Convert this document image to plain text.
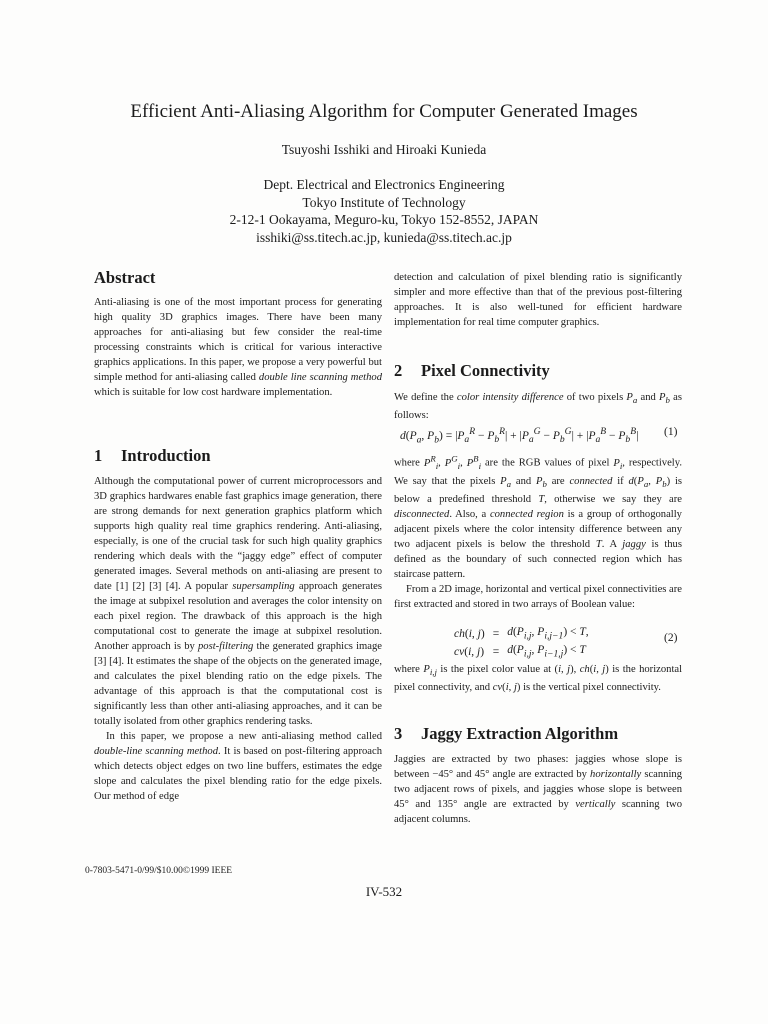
Efficient Anti-Aliasing Algorithm for Computer Generated Images
Tsuyoshi Isshiki and Hiroaki Kunieda
Dept. Electrical and Electronics Engineering
Tokyo Institute of Technology
2-12-1 Ookayama, Meguro-ku, Tokyo 152-8552, JAPAN
isshiki@ss.titech.ac.jp, kunieda@ss.titech.ac.jp
Abstract

Anti-aliasing is one of the most important process for generating high quality 3D graphics images. There have been many approaches for anti-aliasing but few consider the real-time processing constraints which is critical for various interactive graphics applications. In this paper, we propose a very powerful but simple method for anti-aliasing called double line scanning method which is suitable for low cost hardware implementation.

1 Introduction

Although the computational power of current microprocessors and 3D graphics hardwares enable fast graphics image generation, there are strong demands for next generation graphics platform which supports high quality real time graphics rendering. Anti-aliasing, especially, is one of the crucial task for such high quality graphics rendering which deals with the “jaggy edge” effect of computer generated images. Several methods on anti-aliasing are present to date [1] [2] [3] [4]. A popular supersampling approach generates the image at subpixel resolution and averages the color intensity on each pixel region. The drawback of this approach is the high computational cost to generate the image at subpixel resolution. Another approach is by post-filtering the generated graphics image [3] [4]. It estimates the shape of the objects on the generated image, and calculates the pixel blending ratio on the edge pixels. The advantage of this approach is that the computational cost is significantly less than other anti-aliasing approaches, and it can be totally isolated from other graphics rendering tasks.

In this paper, we propose a new anti-aliasing method called double-line scanning method. It is based on post-filtering approach which detects object edges on two line buffers, estimates the edge slope and calculates the pixel blending ratio for the edge pixels. Our method of edge

detection and calculation of pixel blending ratio is significantly simpler and more effective than that of the previous post-filtering approaches. It is also well-tuned for efficient hardware implementation for real time computer graphics.

2 Pixel Connectivity

We define the color intensity difference of two pixels $P_a$ and $P_b$ as follows:

$d(P_a$, $P_b) = |P_a^R - P_b^R| + |P_a^G - P_b^G| + |P_a^B - P_b^B|$ (1)

where $P^R_i$, $P^G_i$, $P^B_i$ are the RGB values of pixel $P_i$, respectively. We say that the pixels $P_a$ and $P_b$ are connected if $d(P_a$, $P_b$) is below a predefined threshold T, otherwise we say they are disconnected. Also, a connected region is a group of orthogonally adjacent pixels where the color intensity difference between any two adjacent pixels is below the threshold T. A jaggy is thus defined as the boundary of such connected region which has staircase pattern.

From a 2D image, horizontal and vertical pixel connectivities are first extracted and stored in two arrays of Boolean value:

ch(i, j)	=	$d(P_{i,j}$, $P_{i,j-1}) < T$,
cv(i, j)	=	$d(P_{i,j}$, $P_{i-1,j}) < T$
(2)

where $P_{i,j}$ is the pixel color value at (i, j), ch(i, j) is the horizontal pixel connectivity, and cv(i, j) is the vertical pixel connectivity.

3 Jaggy Extraction Algorithm

Jaggies are extracted by two phases: jaggies whose slope is between −45° and 45° angle are extracted by horizontally scanning two adjacent rows of pixels, and jaggies whose slope is between 45° and 135° angle are extracted by vertically scanning two adjacent columns.

0-7803-5471-0/99/$10.00©1999 IEEE
IV-532
